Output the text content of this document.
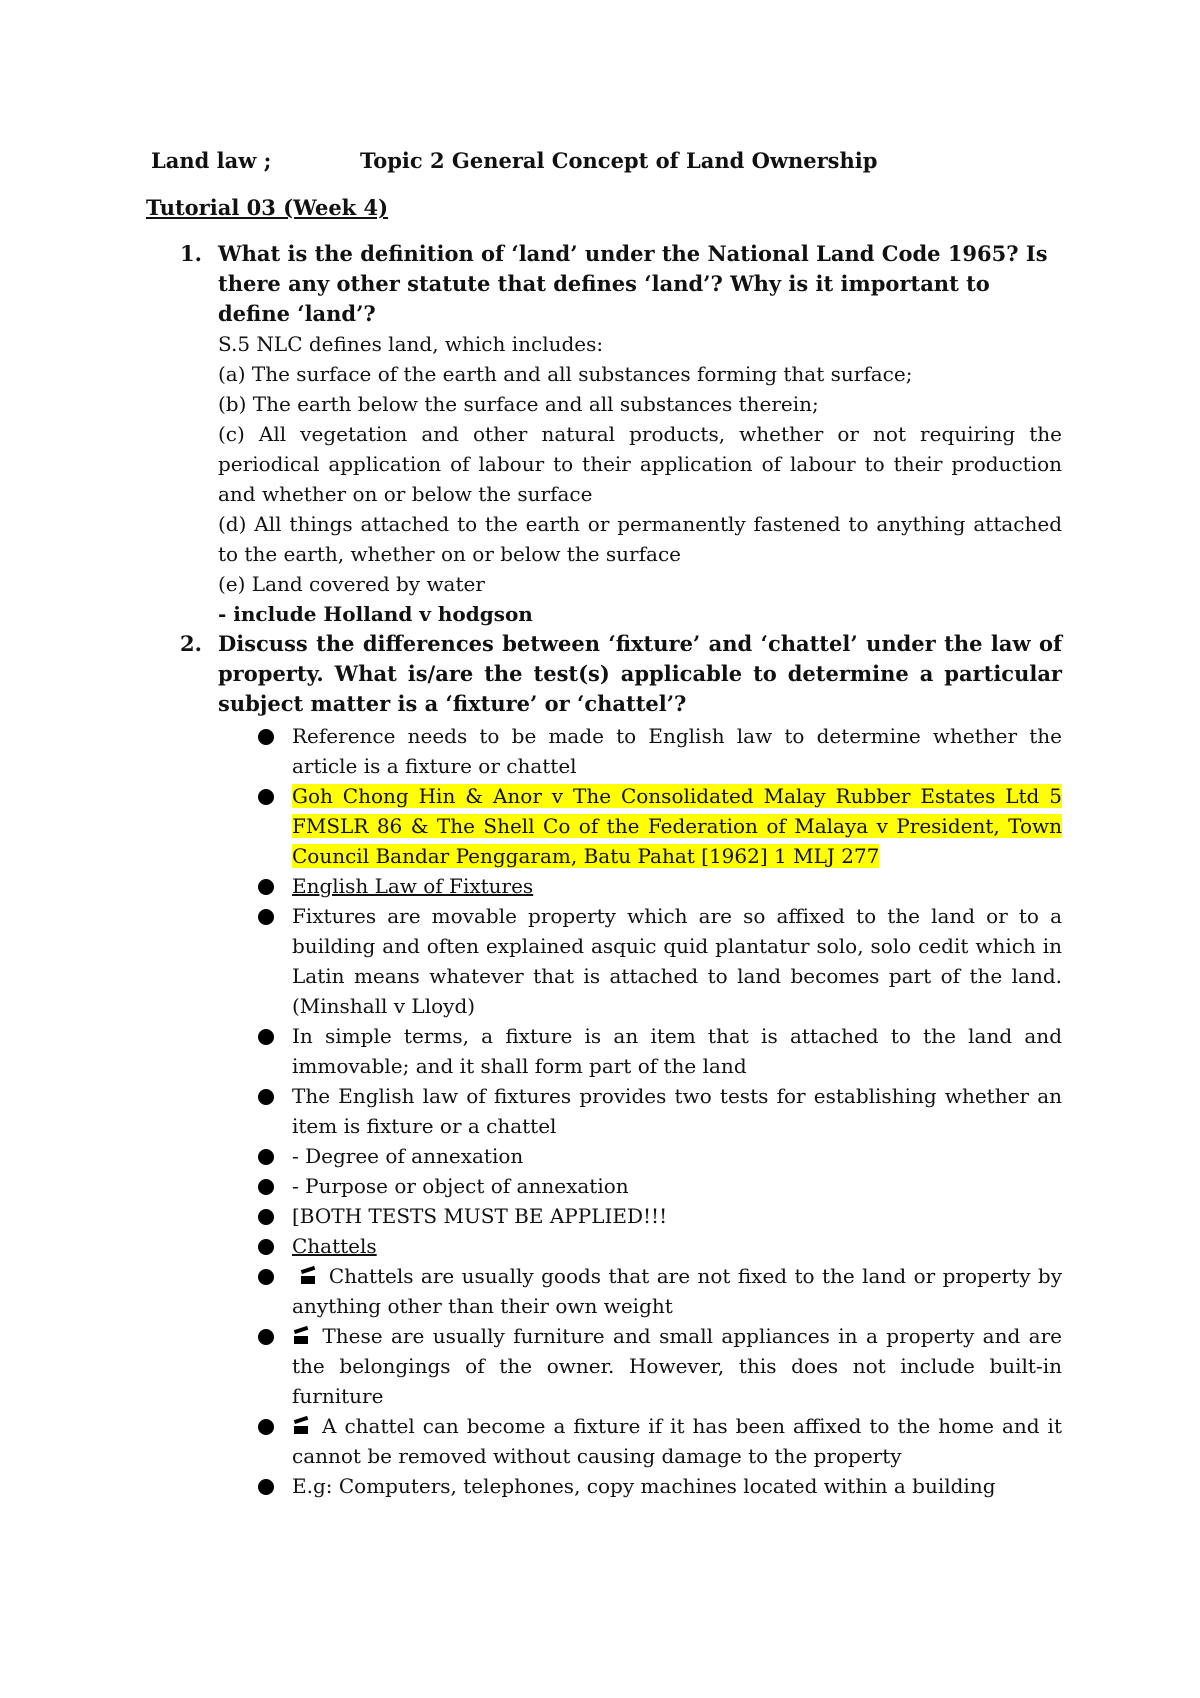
Land law ;	Topic 2 General Concept of Land Ownership
Tutorial 03 (Week 4)
1. What is the definition of ‘land’ under the National Land Code 1965? Is there any other statute that defines ‘land’? Why is it important to define ‘land’?
S.5 NLC defines land, which includes:
(a) The surface of the earth and all substances forming that surface;
(b) The earth below the surface and all substances therein;
(c) All vegetation and other natural products, whether or not requiring the periodical application of labour to their application of labour to their production and whether on or below the surface
(d) All things attached to the earth or permanently fastened to anything attached to the earth, whether on or below the surface
(e) Land covered by water
- include Holland v hodgson
2. Discuss the differences between ‘fixture’ and ‘chattel’ under the law of property. What is/are the test(s) applicable to determine a particular subject matter is a ‘fixture’ or ‘chattel’?
Reference needs to be made to English law to determine whether the article is a fixture or chattel
Goh Chong Hin & Anor v The Consolidated Malay Rubber Estates Ltd 5 FMSLR 86 & The Shell Co of the Federation of Malaya v President, Town Council Bandar Penggaram, Batu Pahat [1962] 1 MLJ 277
English Law of Fixtures
Fixtures are movable property which are so affixed to the land or to a building and often explained asquic quid plantatur solo, solo cedit which in Latin means whatever that is attached to land becomes part of the land. (Minshall v Lloyd)
In simple terms, a fixture is an item that is attached to the land and immovable; and it shall form part of the land
The English law of fixtures provides two tests for establishing whether an item is fixture or a chattel
- Degree of annexation
- Purpose or object of annexation
[BOTH TESTS MUST BE APPLIED!!!
Chattels
Chattels are usually goods that are not fixed to the land or property by anything other than their own weight
These are usually furniture and small appliances in a property and are the belongings of the owner. However, this does not include built-in furniture
A chattel can become a fixture if it has been affixed to the home and it cannot be removed without causing damage to the property
E.g: Computers, telephones, copy machines located within a building
